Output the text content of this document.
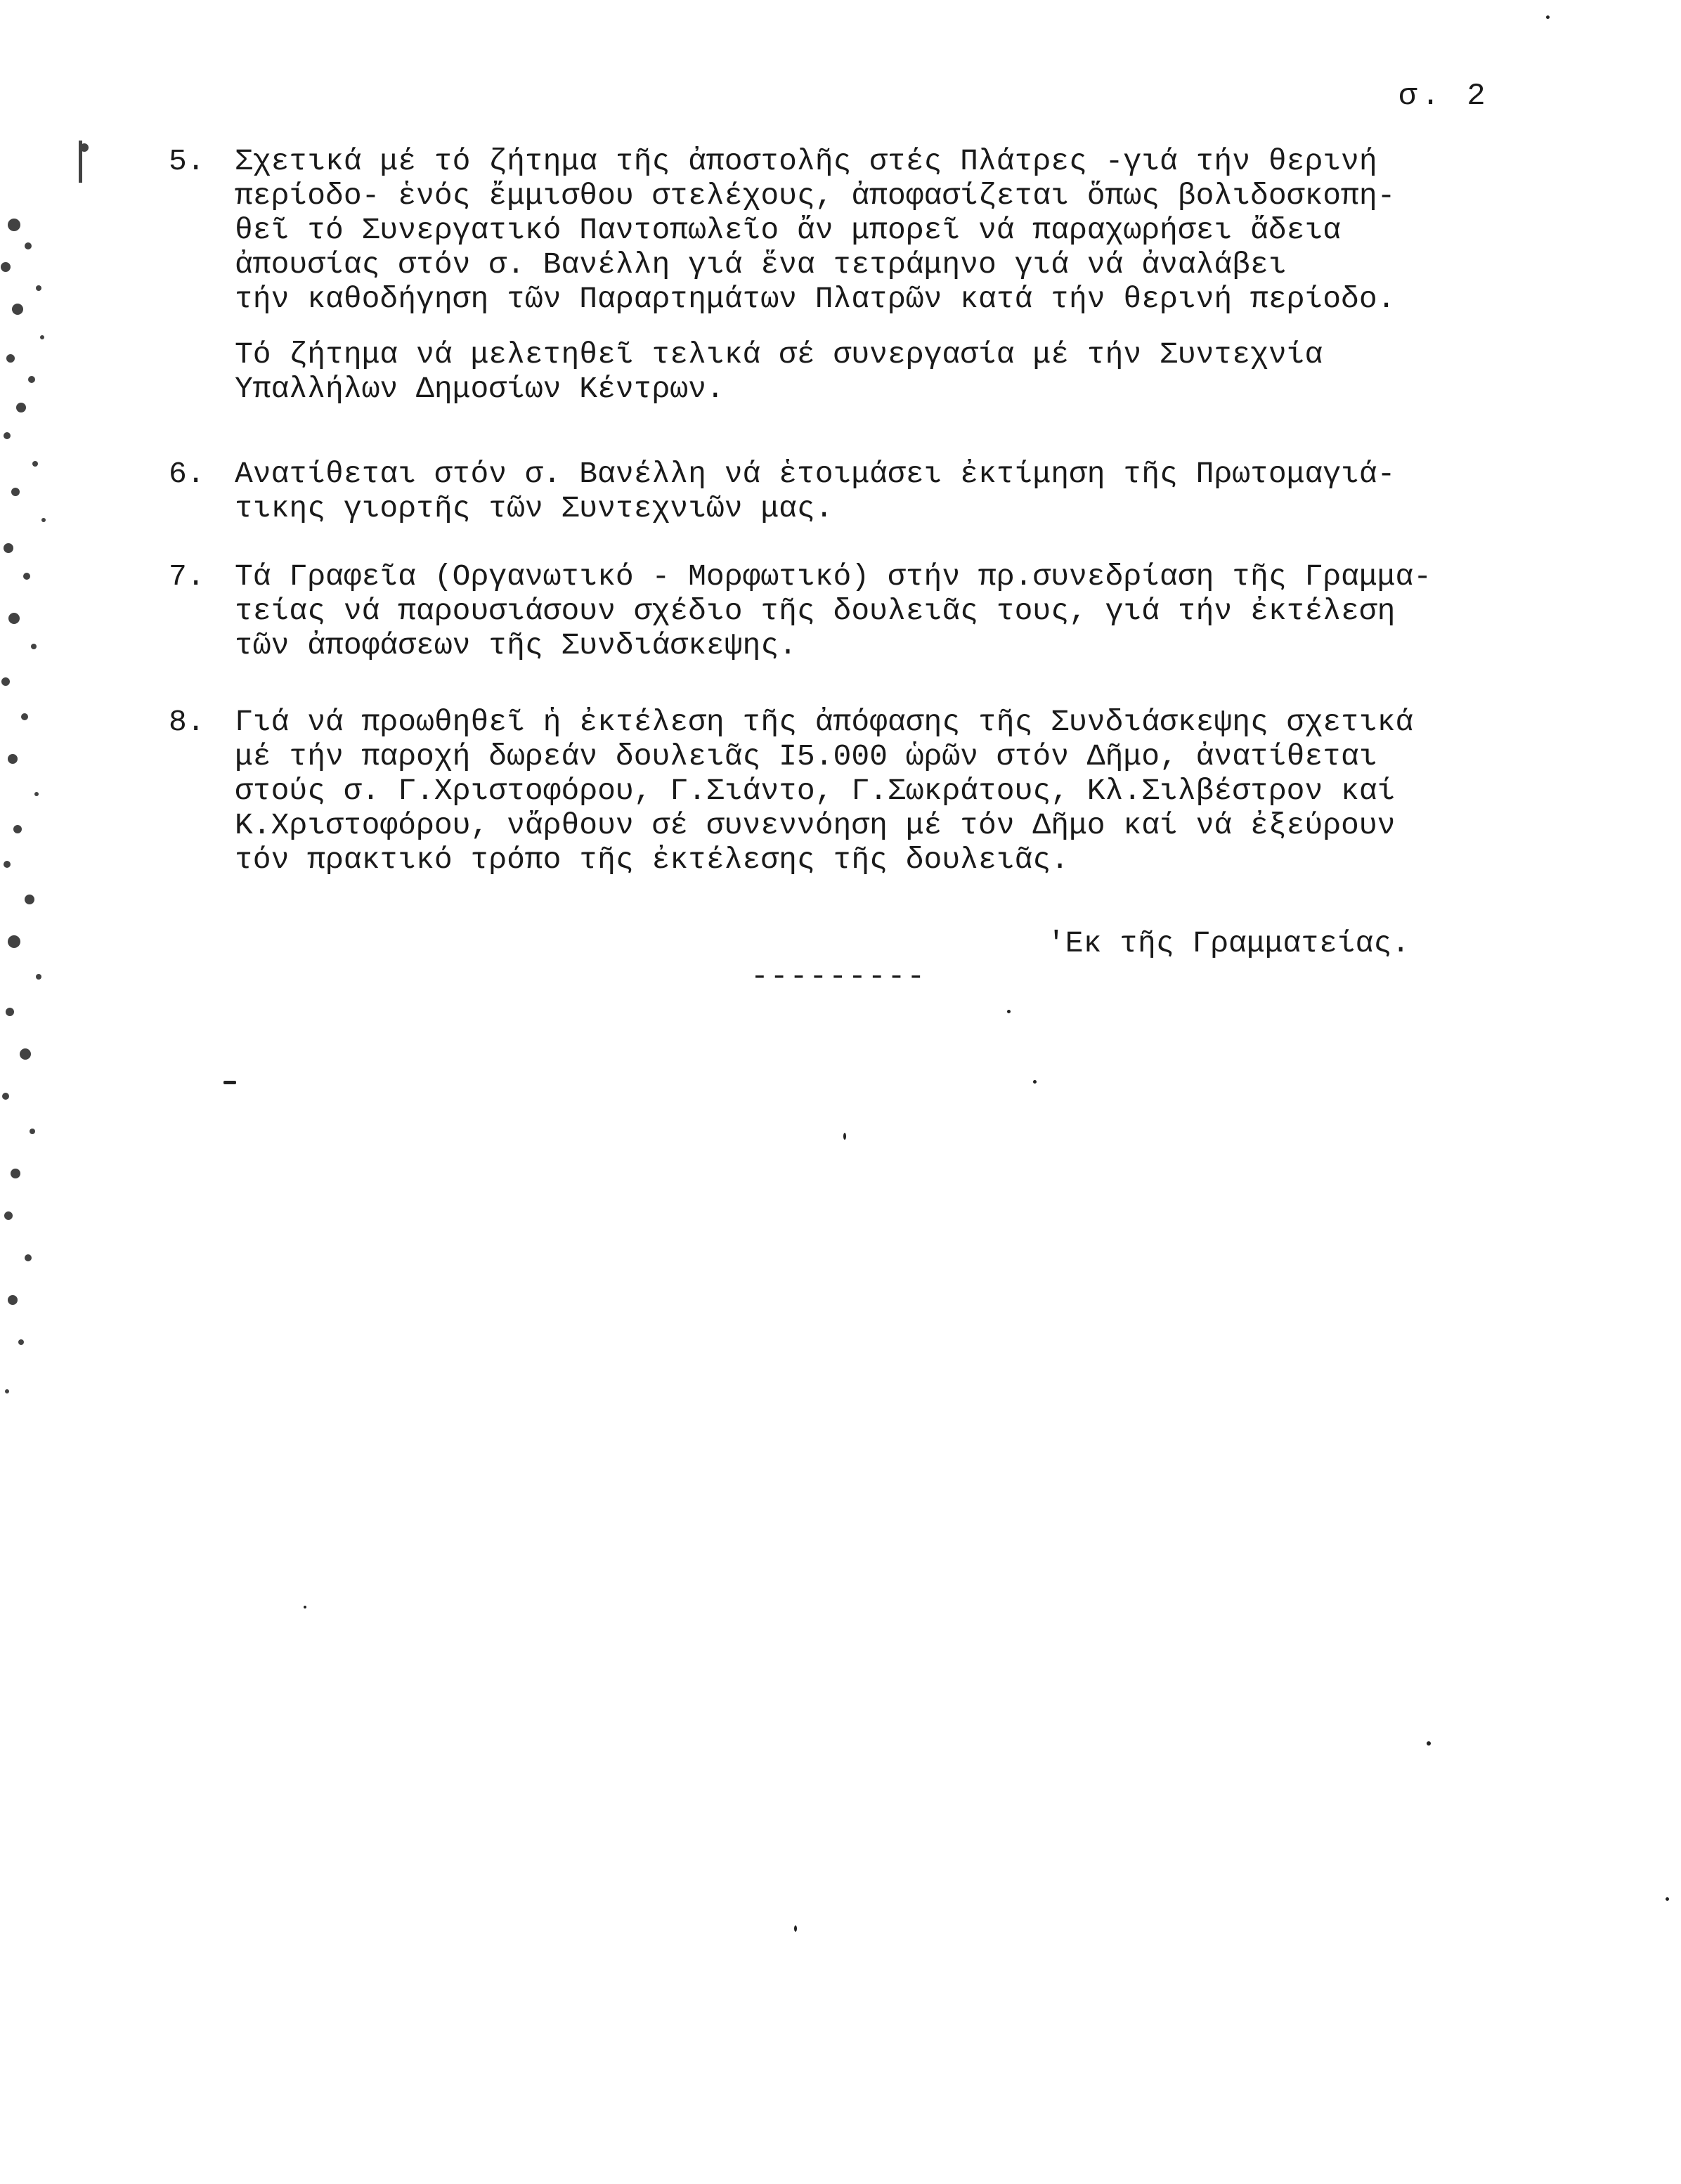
σ. 2
5. Σχετικά μέ τό ζήτημα τῆς ἀποστολῆς στές Πλάτρες -γιά τήν θερινή
περίοδο- ἑνός ἔμμισθου στελέχους, ἀποφασίζεται ὅπως βολιδοσκοπη-
θεῖ τό Συνεργατικό Παντοπωλεῖο ἄν μπορεῖ νά παραχωρήσει ἄδεια
ἀπουσίας στόν σ. Βανέλλη γιά ἕνα τετράμηνο γιά νά ἀναλάβει
τήν καθοδήγηση τῶν Παραρτημάτων Πλατρῶν κατά τήν θερινή περίοδο.
Τό ζήτημα νά μελετηθεῖ τελικά σέ συνεργασία μέ τήν Συντεχνία
Υπαλλήλων Δημοσίων Κέντρων.
6. Ανατίθεται στόν σ. Βανέλλη νά ἑτοιμάσει ἐκτίμηση τῆς Πρωτομαγιά-
τικης γιορτῆς τῶν Συντεχνιῶν μας.
7. Τά Γραφεῖα (Οργανωτικό - Μορφωτικό) στήν πρ.συνεδρίαση τῆς Γραμμα-
τείας νά παρουσιάσουν σχέδιο τῆς δουλειᾶς τους, γιά τήν ἐκτέλεση
τῶν ἀποφάσεων τῆς Συνδιάσκεψης.
8. Γιά νά προωθηθεῖ ἡ ἐκτέλεση τῆς ἀπόφασης τῆς Συνδιάσκεψης σχετικά
μέ τήν παροχή δωρεάν δουλειᾶς Ι5.000 ὡρῶν στόν Δῆμο, ἀνατίθεται
στούς σ. Γ.Χριστοφόρου, Γ.Σιάντο, Γ.Σωκράτους, Κλ.Σιλβέστρον καί
Κ.Χριστοφόρου, νἄρθουν σέ συνεννόηση μέ τόν Δῆμο καί νά ἐξεύρουν
τόν πρακτικό τρόπο τῆς ἐκτέλεσης τῆς δουλειᾶς.
'Εκ τῆς Γραμματείας.
---------
